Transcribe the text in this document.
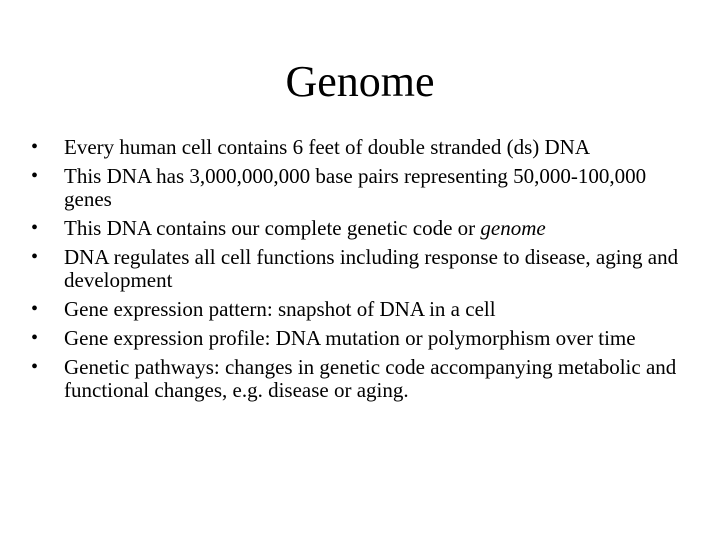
Genome
• Every human cell contains 6 feet of double stranded (ds) DNA
• This DNA has 3,000,000,000 base pairs representing 50,000-100,000 genes
• This DNA contains our complete genetic code or genome
• DNA regulates all cell functions including response to disease, aging and development
• Gene expression pattern: snapshot of DNA in a cell
• Gene expression profile: DNA mutation or polymorphism over time
• Genetic pathways: changes in genetic code accompanying metabolic and functional changes, e.g. disease or aging.
